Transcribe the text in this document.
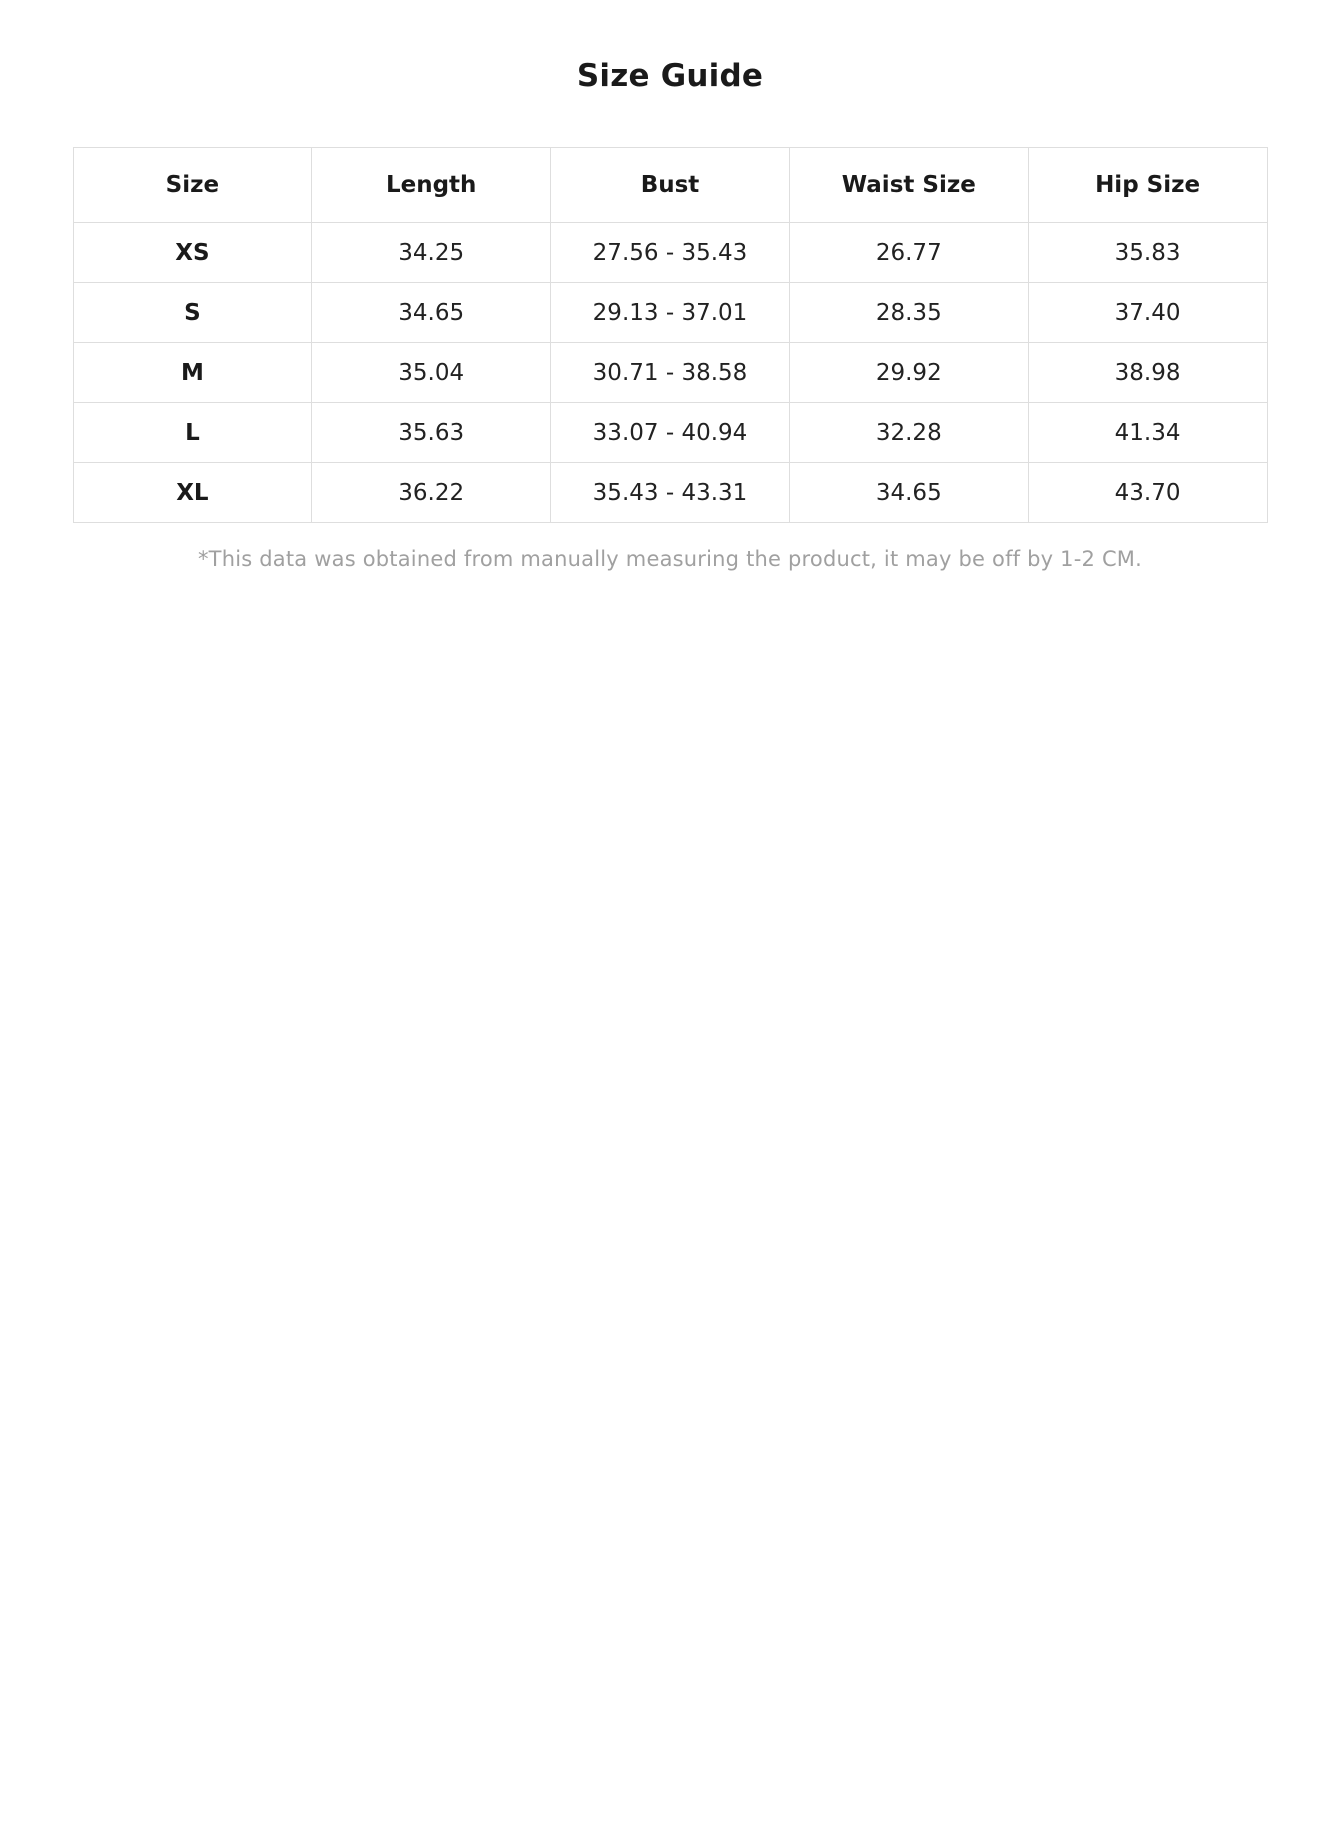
Size Guide
Size	Length	Bust	Waist Size	Hip Size
XS	34.25	27.56 - 35.43	26.77	35.83
S	34.65	29.13 - 37.01	28.35	37.40
M	35.04	30.71 - 38.58	29.92	38.98
L	35.63	33.07 - 40.94	32.28	41.34
XL	36.22	35.43 - 43.31	34.65	43.70
*This data was obtained from manually measuring the product, it may be off by 1-2 CM.
